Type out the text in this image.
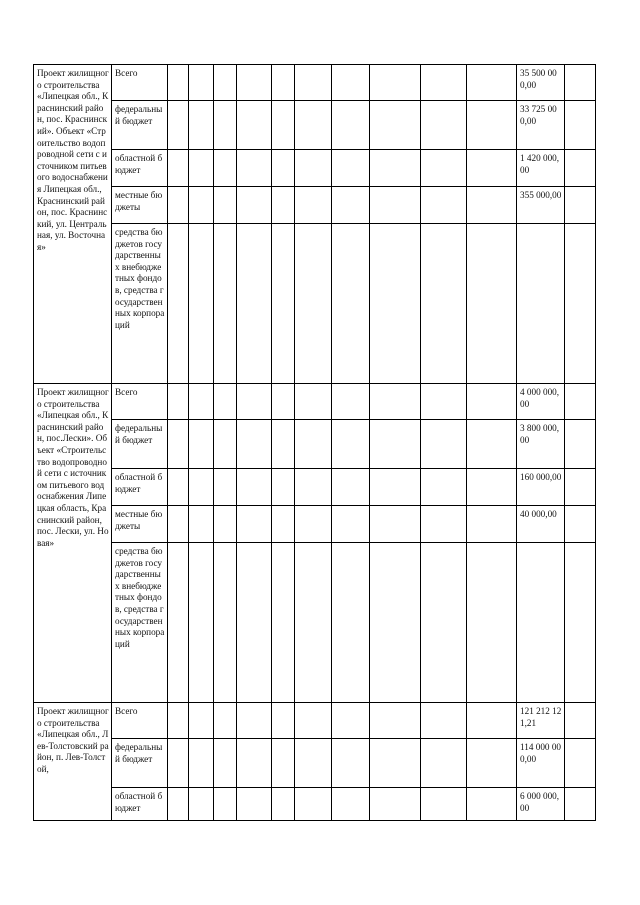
Проект жилищного строительства «Липецкая обл., Краснинский район, пос. Краснинский». Объект «Строительство водопроводной сети с источником питьевого водоснабжения Липецкая обл., Краснинский район, пос. Краснинский, ул. Центральная, ул. Восточная»	Всего											35 500 000,00	
	федеральный бюджет											33 725 000,00	
	областной бюджет											1 420 000,00	
	местные бюджеты											355 000,00	
	средства бюджетов государственных внебюджетных фондов, средства государственных корпораций												
Проект жилищного строительства «Липецкая обл., Краснинский район, пос.Лески». Объект «Строительство водопроводной сети с источником питьевого водоснабжения Липецкая область, Краснинский район, пос. Лески, ул. Новая»	Всего											4 000 000,00	
	федеральный бюджет											3 800 000,00	
	областной бюджет											160 000,00	
	местные бюджеты											40 000,00	
	средства бюджетов государственных внебюджетных фондов, средства государственных корпораций												
Проект жилищного строительства «Липецкая обл., Лев-Толстовский район, п. Лев-Толстой,	Всего											121 212 121,21	
	федеральный бюджет											114 000 000,00	
	областной бюджет											6 000 000,00	
